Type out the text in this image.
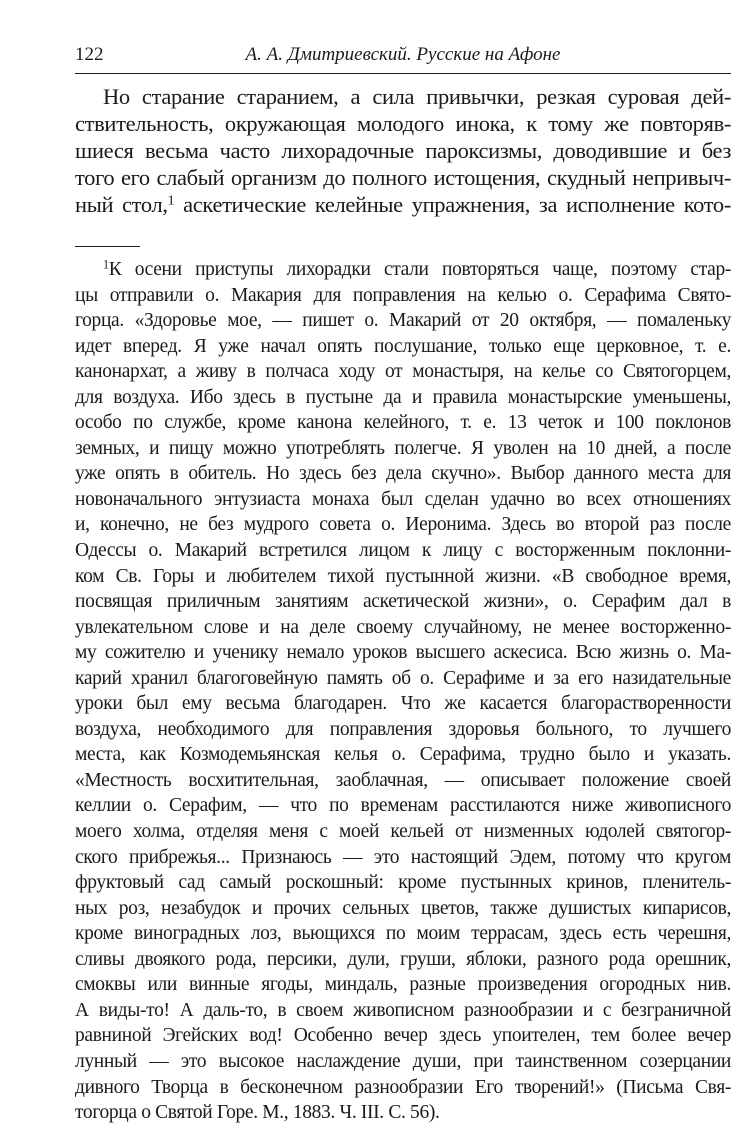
122	А. А. Дмитриевский. Русские на Афоне
Но старание старанием, а сила привычки, резкая суровая дей-
ствительность, окружающая молодого инока, к тому же повторяв-
шиеся весьма часто лихорадочные пароксизмы, доводившие и без
того его слабый организм до полного истощения, скудный непривыч-
ный стол,$^1$ аскетические келейные упражнения, за исполнение кото-
$^1$К осени приступы лихорадки стали повторяться чаще, поэтому стар-
цы отправили о. Макария для поправления на келью о. Серафима Свято-
горца. «Здоровье мое, — пишет о. Макарий от 20 октября, — помаленьку
идет вперед. Я уже начал опять послушание, только еще церковное, т. е.
канонархат, а живу в полчаса ходу от монастыря, на келье со Святогорцем,
для воздуха. Ибо здесь в пустыне да и правила монастырские уменьшены,
особо по службе, кроме канона келейного, т. е. 13 четок и 100 поклонов
земных, и пищу можно употреблять полегче. Я уволен на 10 дней, а после
уже опять в обитель. Но здесь без дела скучно». Выбор данного места для
новоначального энтузиаста монаха был сделан удачно во всех отношениях
и, конечно, не без мудрого совета о. Иеронима. Здесь во второй раз после
Одессы о. Макарий встретился лицом к лицу с восторженным поклонни-
ком Св. Горы и любителем тихой пустынной жизни. «В свободное время,
посвящая приличным занятиям аскетической жизни», о. Серафим дал в
увлекательном слове и на деле своему случайному, не менее восторженно-
му сожителю и ученику немало уроков высшего аскесиса. Всю жизнь о. Ма-
карий хранил благоговейную память об о. Серафиме и за его назидательные
уроки был ему весьма благодарен. Что же касается благорастворенности
воздуха, необходимого для поправления здоровья больного, то лучшего
места, как Козмодемьянская келья о. Серафима, трудно было и указать.
«Местность восхитительная, заоблачная, — описывает положение своей
келлии о. Серафим, — что по временам расстилаются ниже живописного
моего холма, отделяя меня с моей кельей от низменных юдолей святогор-
ского прибрежья... Признаюсь — это настоящий Эдем, потому что кругом
фруктовый сад самый роскошный: кроме пустынных кринов, пленитель-
ных роз, незабудок и прочих сельных цветов, также душистых кипарисов,
кроме виноградных лоз, вьющихся по моим террасам, здесь есть черешня,
сливы двоякого рода, персики, дули, груши, яблоки, разного рода орешник,
смоквы или винные ягоды, миндаль, разные произведения огородных нив.
А виды-то! А даль-то, в своем живописном разнообразии и с безграничной
равниной Эгейских вод! Особенно вечер здесь упоителен, тем более вечер
лунный — это высокое наслаждение души, при таинственном созерцании
дивного Творца в бесконечном разнообразии Его творений!» (Письма Свя-
тогорца о Святой Горе. М., 1883. Ч. III. С. 56).
